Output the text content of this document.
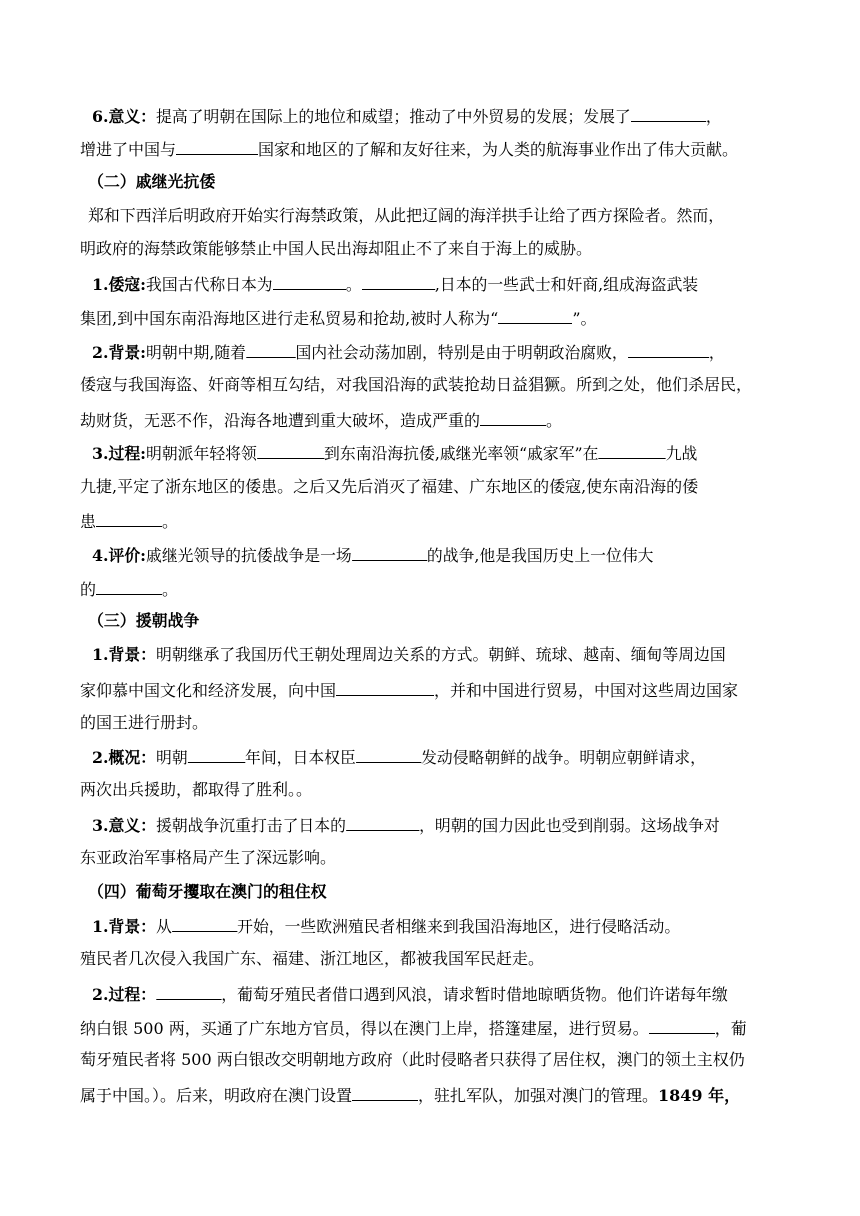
6.意义：提高了明朝在国际上的地位和威望；推动了中外贸易的发展；发展了	，
增进了中国与	国家和地区的了解和友好往来，为人类的航海事业作出了伟大贡献。
（二）戚继光抗倭
郑和下西洋后明政府开始实行海禁政策，从此把辽阔的海洋拱手让给了西方探险者。然而，
明政府的海禁政策能够禁止中国人民出海却阻止不了来自于海上的威胁。
1.倭寇:我国古代称日本为	。	,日本的一些武士和奸商,组成海盗武装
集团,到中国东南沿海地区进行走私贸易和抢劫,被时人称为“	”。
2.背景:明朝中期,随着	国内社会动荡加剧，特别是由于明朝政治腐败，	，
倭寇与我国海盗、奸商等相互勾结，对我国沿海的武装抢劫日益猖獗。所到之处，他们杀居民，
劫财货，无恶不作，沿海各地遭到重大破坏，造成严重的	。
3.过程:明朝派年轻将领	到东南沿海抗倭,戚继光率领“戚家军”在	九战
九捷,平定了浙东地区的倭患。之后又先后消灭了福建、广东地区的倭寇,使东南沿海的倭
患	。
4.评价:戚继光领导的抗倭战争是一场	的战争,他是我国历史上一位伟大
的	。
（三）援朝战争
1.背景：明朝继承了我国历代王朝处理周边关系的方式。朝鲜、琉球、越南、缅甸等周边国
家仰慕中国文化和经济发展，向中国	，并和中国进行贸易，中国对这些周边国家
的国王进行册封。
2.概况：明朝	年间，日本权臣	发动侵略朝鲜的战争。明朝应朝鲜请求，
两次出兵援助，都取得了胜利。。
3.意义：援朝战争沉重打击了日本的	，明朝的国力因此也受到削弱。这场战争对
东亚政治军事格局产生了深远影响。
（四）葡萄牙攫取在澳门的租住权
1.背景：从	开始，一些欧洲殖民者相继来到我国沿海地区，进行侵略活动。
殖民者几次侵入我国广东、福建、浙江地区，都被我国军民赶走。
2.过程：	，葡萄牙殖民者借口遇到风浪，请求暂时借地晾晒货物。他们许诺每年缴
纳白银 500 两，买通了广东地方官员，得以在澳门上岸，搭篷建屋，进行贸易。	，葡
萄牙殖民者将 500 两白银改交明朝地方政府（此时侵略者只获得了居住权，澳门的领土主权仍
属于中国。）。后来，明政府在澳门设置	，驻扎军队，加强对澳门的管理。1849 年，
